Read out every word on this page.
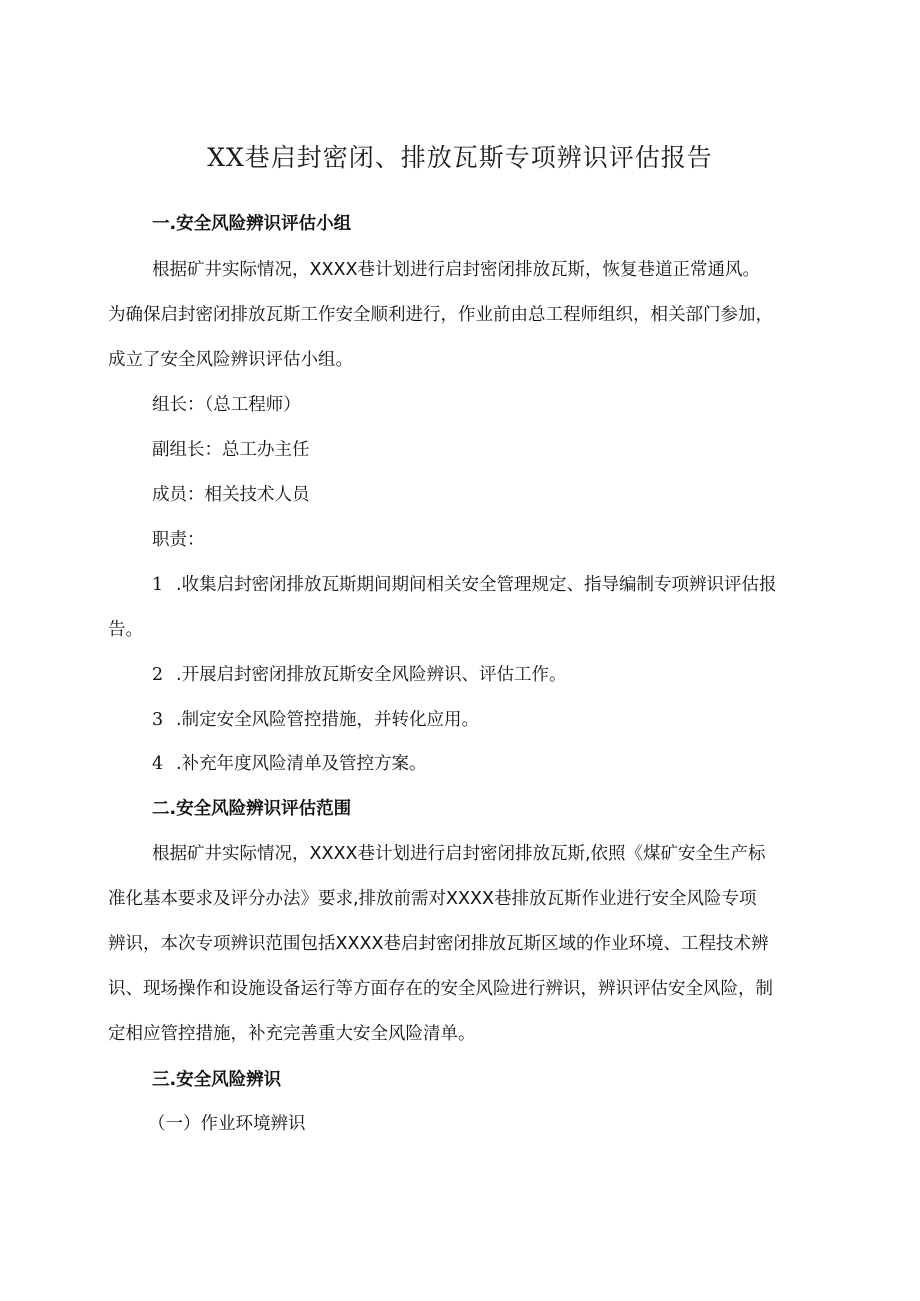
XX巷启封密闭、排放瓦斯专项辨识评估报告
一.安全风险辨识评估小组
根据矿井实际情况，XXXX巷计划进行启封密闭排放瓦斯，恢复巷道正常通风。
为确保启封密闭排放瓦斯工作安全顺利进行，作业前由总工程师组织，相关部门参加，
成立了安全风险辨识评估小组。
组长：（总工程师）
副组长：总工办主任
成员：相关技术人员
职责：
1 .收集启封密闭排放瓦斯期间期间相关安全管理规定、指导编制专项辨识评估报
告。
2 .开展启封密闭排放瓦斯安全风险辨识、评估工作。
3 .制定安全风险管控措施，并转化应用。
4 .补充年度风险清单及管控方案。
二.安全风险辨识评估范围
根据矿井实际情况，XXXX巷计划进行启封密闭排放瓦斯,依照《煤矿安全生产标
准化基本要求及评分办法》要求,排放前需对XXXX巷排放瓦斯作业进行安全风险专项
辨识，本次专项辨识范围包括XXXX巷启封密闭排放瓦斯区域的作业环境、工程技术辨
识、现场操作和设施设备运行等方面存在的安全风险进行辨识，辨识评估安全风险，制
定相应管控措施，补充完善重大安全风险清单。
三.安全风险辨识
（一）作业环境辨识
